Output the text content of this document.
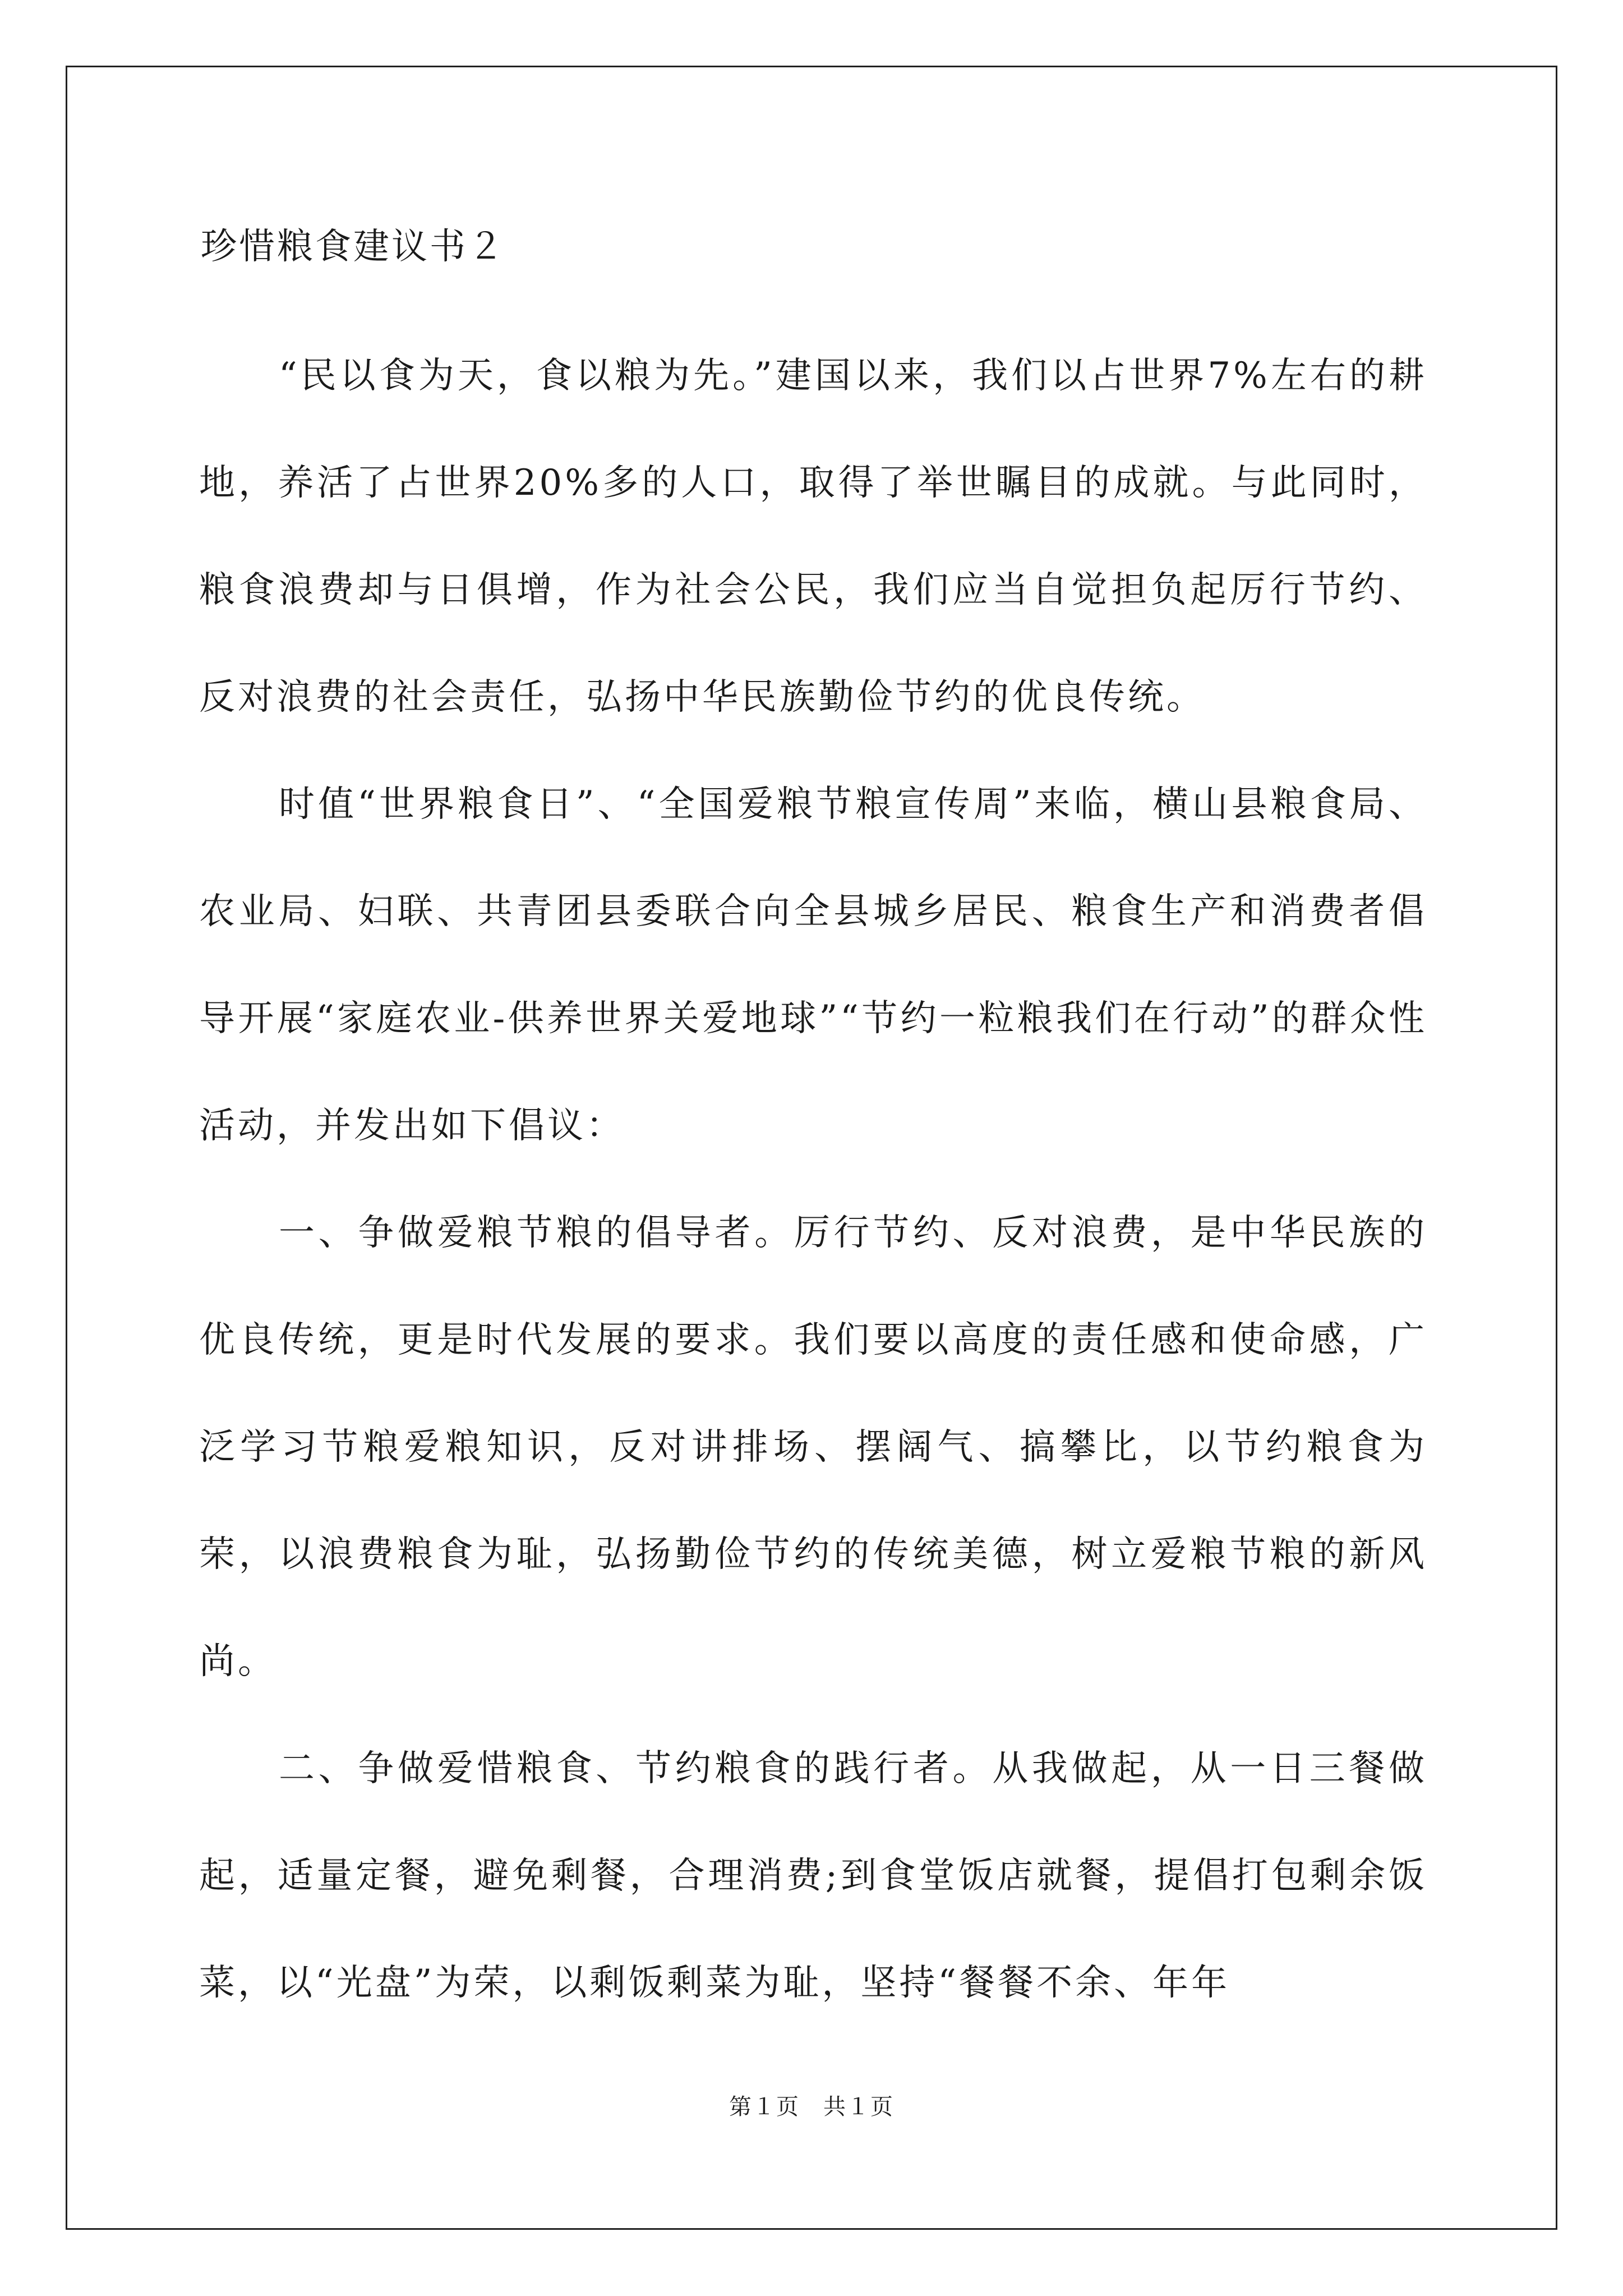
珍惜粮食建议书２

“民以食为天，食以粮为先。”建国以来，我们以占世界7%左右的耕地，养活了占世界20%多的人口，取得了举世瞩目的成就。与此同时，粮食浪费却与日俱增，作为社会公民，我们应当自觉担负起厉行节约、反对浪费的社会责任，弘扬中华民族勤俭节约的优良传统。

时值“世界粮食日”、“全国爱粮节粮宣传周”来临，横山县粮食局、农业局、妇联、共青团县委联合向全县城乡居民、粮食生产和消费者倡导开展“家庭农业-供养世界关爱地球”“节约一粒粮我们在行动”的群众性活动，并发出如下倡议：

一、争做爱粮节粮的倡导者。厉行节约、反对浪费，是中华民族的优良传统，更是时代发展的要求。我们要以高度的责任感和使命感，广泛学习节粮爱粮知识，反对讲排场、摆阔气、搞攀比，以节约粮食为荣，以浪费粮食为耻，弘扬勤俭节约的传统美德，树立爱粮节粮的新风尚。

二、争做爱惜粮食、节约粮食的践行者。从我做起，从一日三餐做起，适量定餐，避免剩餐，合理消费;到食堂饭店就餐，提倡打包剩余饭菜，以“光盘”为荣，以剩饭剩菜为耻，坚持“餐餐不余、年年

第１页　共１页
